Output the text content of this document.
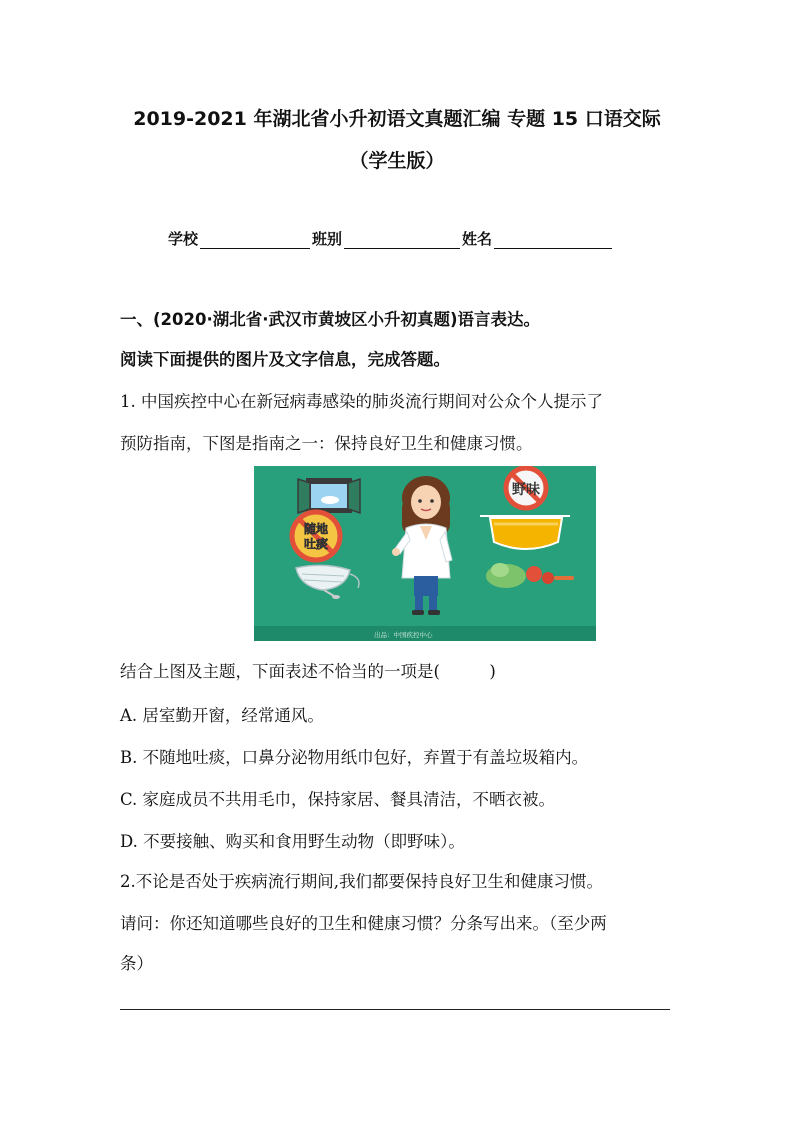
2019-2021 年湖北省小升初语文真题汇编 专题 15 口语交际
（学生版）
学校	班别	姓名

一、(2020·湖北省·武汉市黄坡区小升初真题)语言表达。

阅读下面提供的图片及文字信息，完成答题。

1. 中国疾控中心在新冠病毒感染的肺炎流行期间对公众个人提示了

预防指南，下图是指南之一：保持良好卫生和健康习惯。

随地
吐痰
野味
出品：中国疾控中心

结合上图及主题，下面表述不恰当的一项是(　　　)

A. 居室勤开窗，经常通风。

B. 不随地吐痰，口鼻分泌物用纸巾包好，弃置于有盖垃圾箱内。

C. 家庭成员不共用毛巾，保持家居、餐具清洁，不晒衣被。

D. 不要接触、购买和食用野生动物（即野味）。

2.不论是否处于疾病流行期间,我们都要保持良好卫生和健康习惯。

请问：你还知道哪些良好的卫生和健康习惯？分条写出来。（至少两

条）
